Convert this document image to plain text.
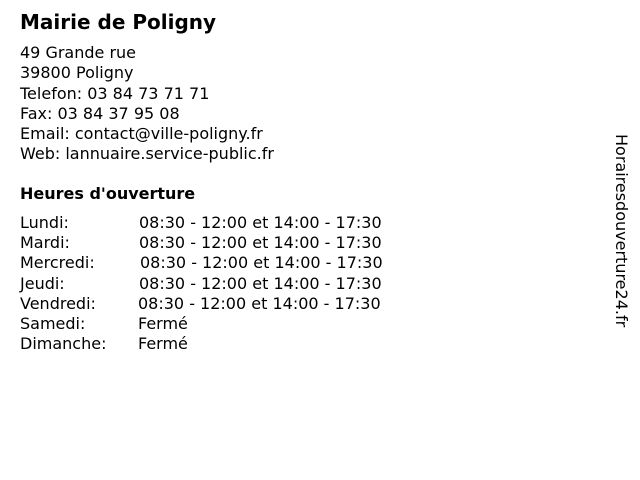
Mairie de Poligny
49 Grande rue
39800 Poligny
Telefon: 03 84 73 71 71
Fax: 03 84 37 95 08
Email: contact@ville-poligny.fr
Web: lannuaire.service-public.fr
Heures d'ouverture
Lundi:	08:30 - 12:00 et 14:00 - 17:30
Mardi:	08:30 - 12:00 et 14:00 - 17:30
Mercredi:	08:30 - 12:00 et 14:00 - 17:30
Jeudi:	08:30 - 12:00 et 14:00 - 17:30
Vendredi:	08:30 - 12:00 et 14:00 - 17:30
Samedi:	Fermé
Dimanche: Fermé
Horairesdouverture24.fr
